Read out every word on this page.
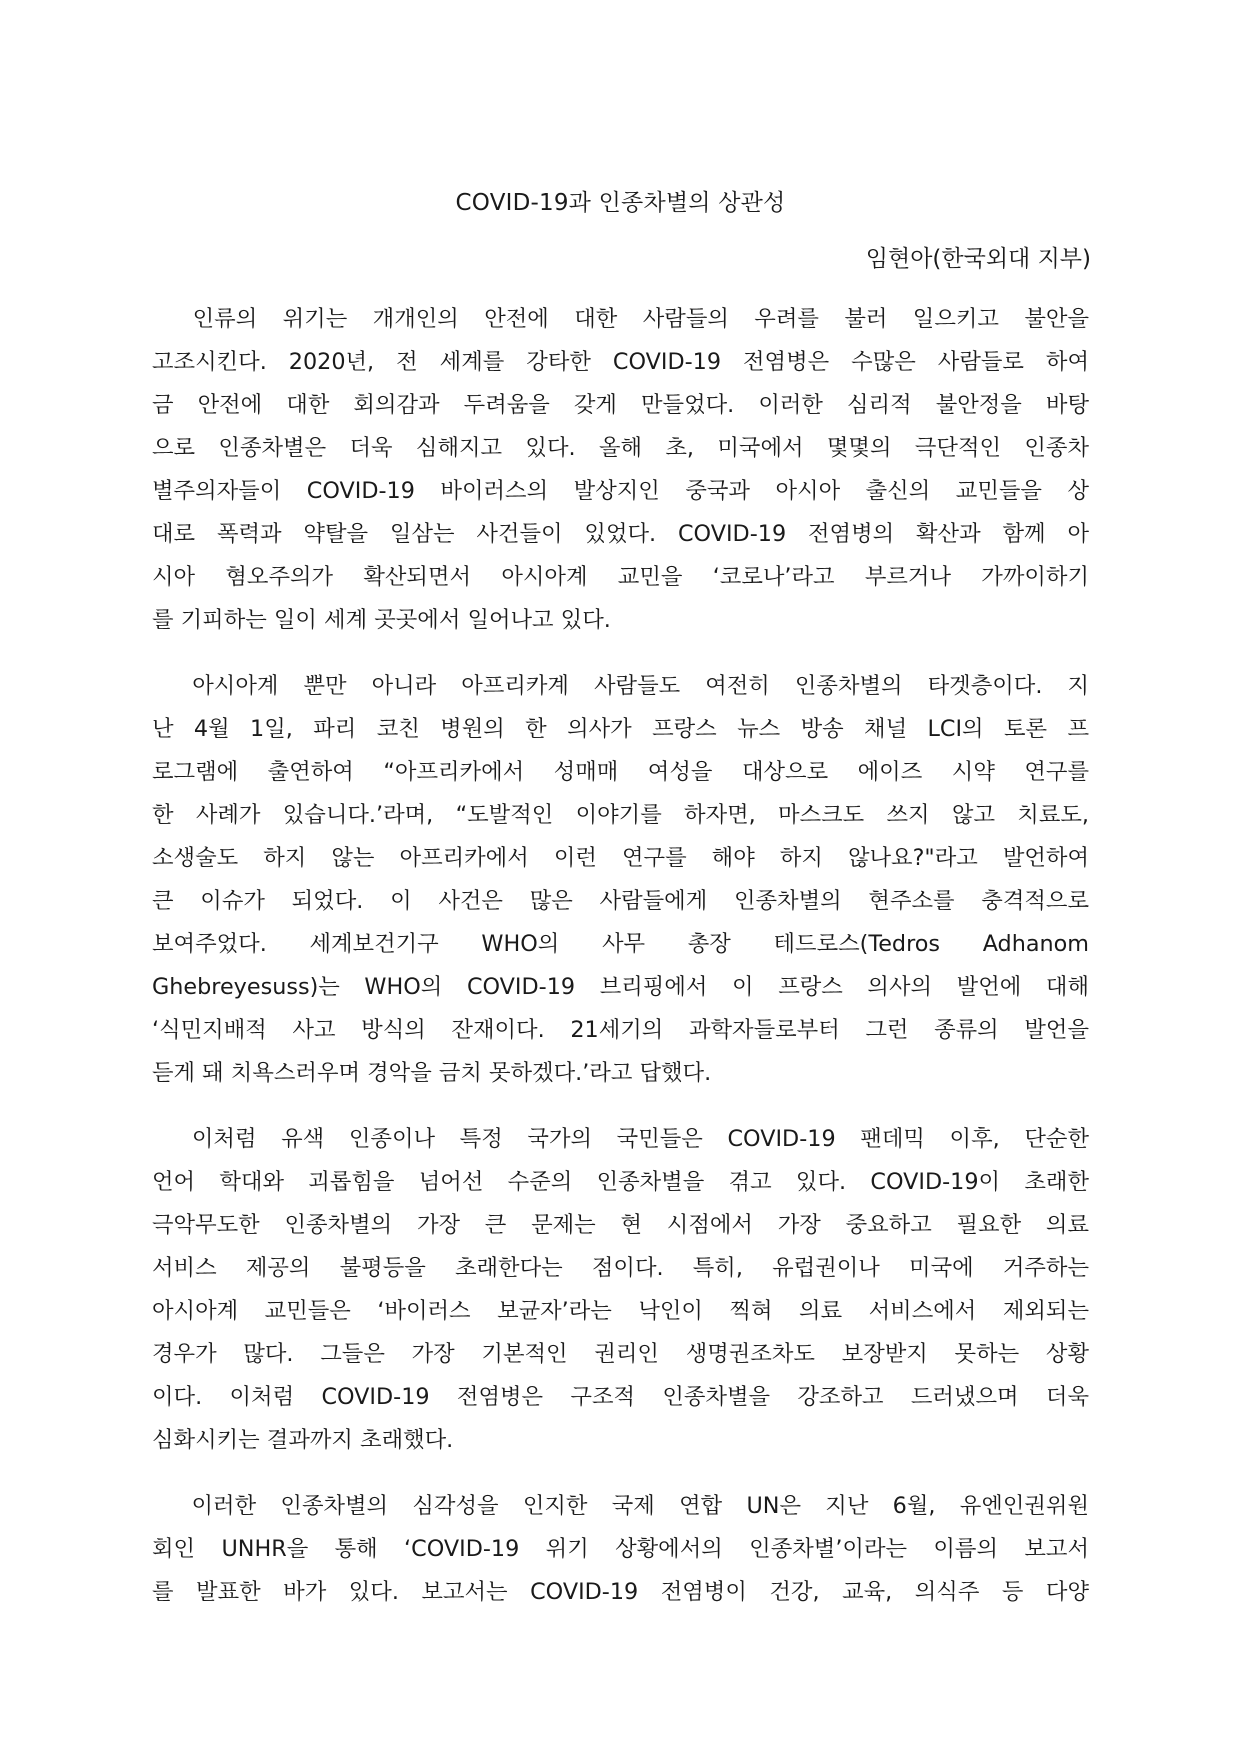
COVID-19과 인종차별의 상관성
임현아(한국외대 지부)
　인류의 위기는 개개인의 안전에 대한 사람들의 우려를 불러 일으키고 불안을
고조시킨다. 2020년, 전 세계를 강타한 COVID-19 전염병은 수많은 사람들로 하여
금 안전에 대한 회의감과 두려움을 갖게 만들었다. 이러한 심리적 불안정을 바탕
으로 인종차별은 더욱 심해지고 있다. 올해 초, 미국에서 몇몇의 극단적인 인종차
별주의자들이 COVID-19 바이러스의 발상지인 중국과 아시아 출신의 교민들을 상
대로 폭력과 약탈을 일삼는 사건들이 있었다. COVID-19 전염병의 확산과 함께 아
시아 혐오주의가 확산되면서 아시아계 교민을 ‘코로나’라고 부르거나 가까이하기
를 기피하는 일이 세계 곳곳에서 일어나고 있다.
　아시아계 뿐만 아니라 아프리카계 사람들도 여전히 인종차별의 타겟층이다. 지
난 4월 1일, 파리 코친 병원의 한 의사가 프랑스 뉴스 방송 채널 LCI의 토론 프
로그램에 출연하여 “아프리카에서 성매매 여성을 대상으로 에이즈 시약 연구를
한 사례가 있습니다.’라며, “도발적인 이야기를 하자면, 마스크도 쓰지 않고 치료도,
소생술도 하지 않는 아프리카에서 이런 연구를 해야 하지 않나요?"라고 발언하여
큰 이슈가 되었다. 이 사건은 많은 사람들에게 인종차별의 현주소를 충격적으로
보여주었다. 세계보건기구 WHO의 사무 총장 테드로스(Tedros Adhanom
Ghebreyesuss)는 WHO의 COVID-19 브리핑에서 이 프랑스 의사의 발언에 대해
‘식민지배적 사고 방식의 잔재이다. 21세기의 과학자들로부터 그런 종류의 발언을
듣게 돼 치욕스러우며 경악을 금치 못하겠다.’라고 답했다.
　이처럼 유색 인종이나 특정 국가의 국민들은 COVID-19 팬데믹 이후, 단순한
언어 학대와 괴롭힘을 넘어선 수준의 인종차별을 겪고 있다. COVID-19이 초래한
극악무도한 인종차별의 가장 큰 문제는 현 시점에서 가장 중요하고 필요한 의료
서비스 제공의 불평등을 초래한다는 점이다. 특히, 유럽권이나 미국에 거주하는
아시아계 교민들은 ‘바이러스 보균자’라는 낙인이 찍혀 의료 서비스에서 제외되는
경우가 많다. 그들은 가장 기본적인 권리인 생명권조차도 보장받지 못하는 상황
이다. 이처럼 COVID-19 전염병은 구조적 인종차별을 강조하고 드러냈으며 더욱
심화시키는 결과까지 초래했다.
　이러한 인종차별의 심각성을 인지한 국제 연합 UN은 지난 6월, 유엔인권위원
회인 UNHR을 통해 ‘COVID-19 위기 상황에서의 인종차별’이라는 이름의 보고서
를 발표한 바가 있다. 보고서는 COVID-19 전염병이 건강, 교육, 의식주 등 다양
